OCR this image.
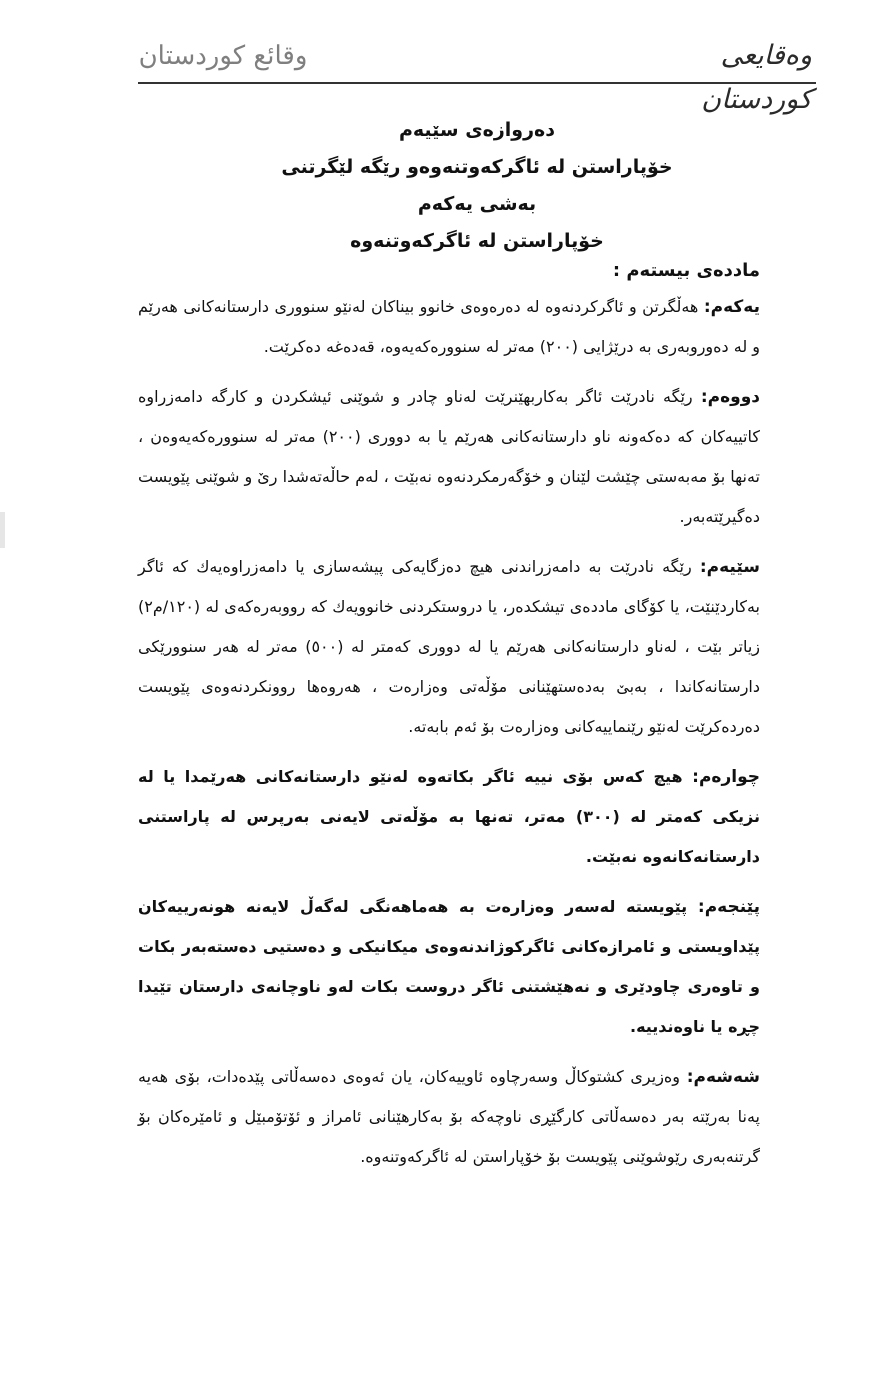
وقائع كوردستان	وەقایعی کوردستان
دەروازەی سێیەم
خۆپاراستن لە ئاگرکەوتنەوەو رێگە لێگرتنی
بەشی یەکەم
خۆپاراستن لە ئاگرکەوتنەوە
ماددەی بیستەم :
یەکەم: هەڵگرتن و ئاگرکردنەوە لە دەرەوەی خانوو بیناکان لەنێو سنووری دارستانەکانی هەرێم و لە دەوروبەری بە درێژایی (٢٠٠) مەتر لە سنوورەکەیەوە، قەدەغە دەکرێت.
دووەم: رێگە نادرێت ئاگر بەکاربهێنرێت لەناو چادر و شوێنی ئیشکردن و کارگە دامەزراوە کاتییەکان کە دەکەونە ناو دارستانەکانی هەرێم یا بە دووری (٢٠٠) مەتر لە سنوورەکەیەوەن ، تەنها بۆ مەبەستی چێشت لێنان و خۆگەرمکردنەوە نەبێت ، لەم حاڵەتەشدا رێ و شوێنی پێویست دەگیرێتەبەر.
سێیەم: رێگە نادرێت بە دامەزراندنی هیچ دەزگایەکی پیشەسازی یا دامەزراوەیەك کە ئاگر بەکاردێنێت، یا کۆگای ماددەی تیشکدەر، یا دروستکردنی خانوویەك کە رووبەرەکەی لە (١٢٠/م٢) زیاتر بێت ، لەناو دارستانەکانی هەرێم یا لە دووری کەمتر لە (٥٠٠) مەتر لە هەر سنوورێکی دارستانەکاندا ، بەبێ بەدەستهێنانی مۆڵەتی وەزارەت ، هەروەها روونکردنەوەی پێویست دەردەکرێت لەنێو رێنماییەکانی وەزارەت بۆ ئەم بابەتە.
چوارەم: هیچ کەس بۆی نییە ئاگر بکاتەوە لەنێو دارستانەکانی هەرێمدا یا لە نزیکی کەمتر لە (٣٠٠) مەتر، تەنها بە مۆڵەتی لایەنی بەرپرس لە پاراستنی دارستانەکانەوە نەبێت.
پێنجەم: پێویستە لەسەر وەزارەت بە هەماهەنگی لەگەڵ لایەنە هونەرییەکان پێداویستی و ئامرازەکانی ئاگرکوژاندنەوەی میکانیکی و دەستیی دەستەبەر بکات و تاوەری چاودێری و نەهێشتنی ئاگر دروست بکات لەو ناوچانەی دارستان تێیدا چڕە یا ناوەندییە.
شەشەم: وەزیری کشتوکاڵ وسەرچاوە ئاوییەکان، یان ئەوەی دەسەڵاتی پێدەدات، بۆی هەیە پەنا بەرێتە بەر دەسەڵاتی کارگێڕی ناوچەکە بۆ بەکارهێنانی ئامراز و ئۆتۆمبێل و ئامێرەکان بۆ گرتنەبەری رێوشوێنی پێویست بۆ خۆپاراستن لە ئاگرکەوتنەوە.
